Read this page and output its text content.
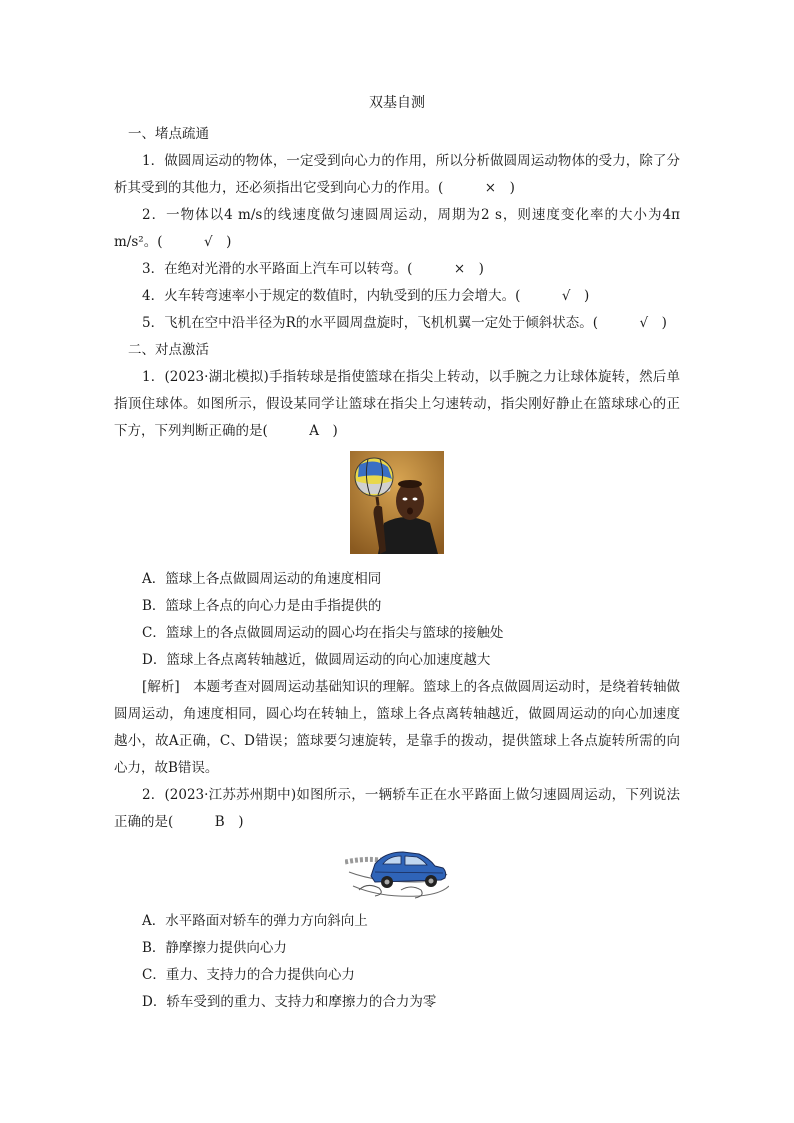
双基自测
一、堵点疏通

1．做圆周运动的物体，一定受到向心力的作用，所以分析做圆周运动物体的受力，除了分析其受到的其他力，还必须指出它受到向心力的作用。(　×　)

2．一物体以4 m/s的线速度做匀速圆周运动，周期为2 s，则速度变化率的大小为4π m/s²。(　√　)

3．在绝对光滑的水平路面上汽车可以转弯。(　×　)

4．火车转弯速率小于规定的数值时，内轨受到的压力会增大。(　√　)

5．飞机在空中沿半径为R的水平圆周盘旋时，飞机机翼一定处于倾斜状态。(　√　)

二、对点激活

1．(2023·湖北模拟)手指转球是指使篮球在指尖上转动，以手腕之力让球体旋转，然后单指顶住球体。如图所示，假设某同学让篮球在指尖上匀速转动，指尖刚好静止在篮球球心的正下方，下列判断正确的是(　A　)

A．篮球上各点做圆周运动的角速度相同

B．篮球上各点的向心力是由手指提供的

C．篮球上的各点做圆周运动的圆心均在指尖与篮球的接触处

D．篮球上各点离转轴越近，做圆周运动的向心加速度越大

[解析]　本题考查对圆周运动基础知识的理解。篮球上的各点做圆周运动时，是绕着转轴做圆周运动，角速度相同，圆心均在转轴上，篮球上各点离转轴越近，做圆周运动的向心加速度越小，故A正确，C、D错误；篮球要匀速旋转，是靠手的拨动，提供篮球上各点旋转所需的向心力，故B错误。

2．(2023·江苏苏州期中)如图所示，一辆轿车正在水平路面上做匀速圆周运动，下列说法正确的是(　B　)

A．水平路面对轿车的弹力方向斜向上

B．静摩擦力提供向心力

C．重力、支持力的合力提供向心力

D．轿车受到的重力、支持力和摩擦力的合力为零
